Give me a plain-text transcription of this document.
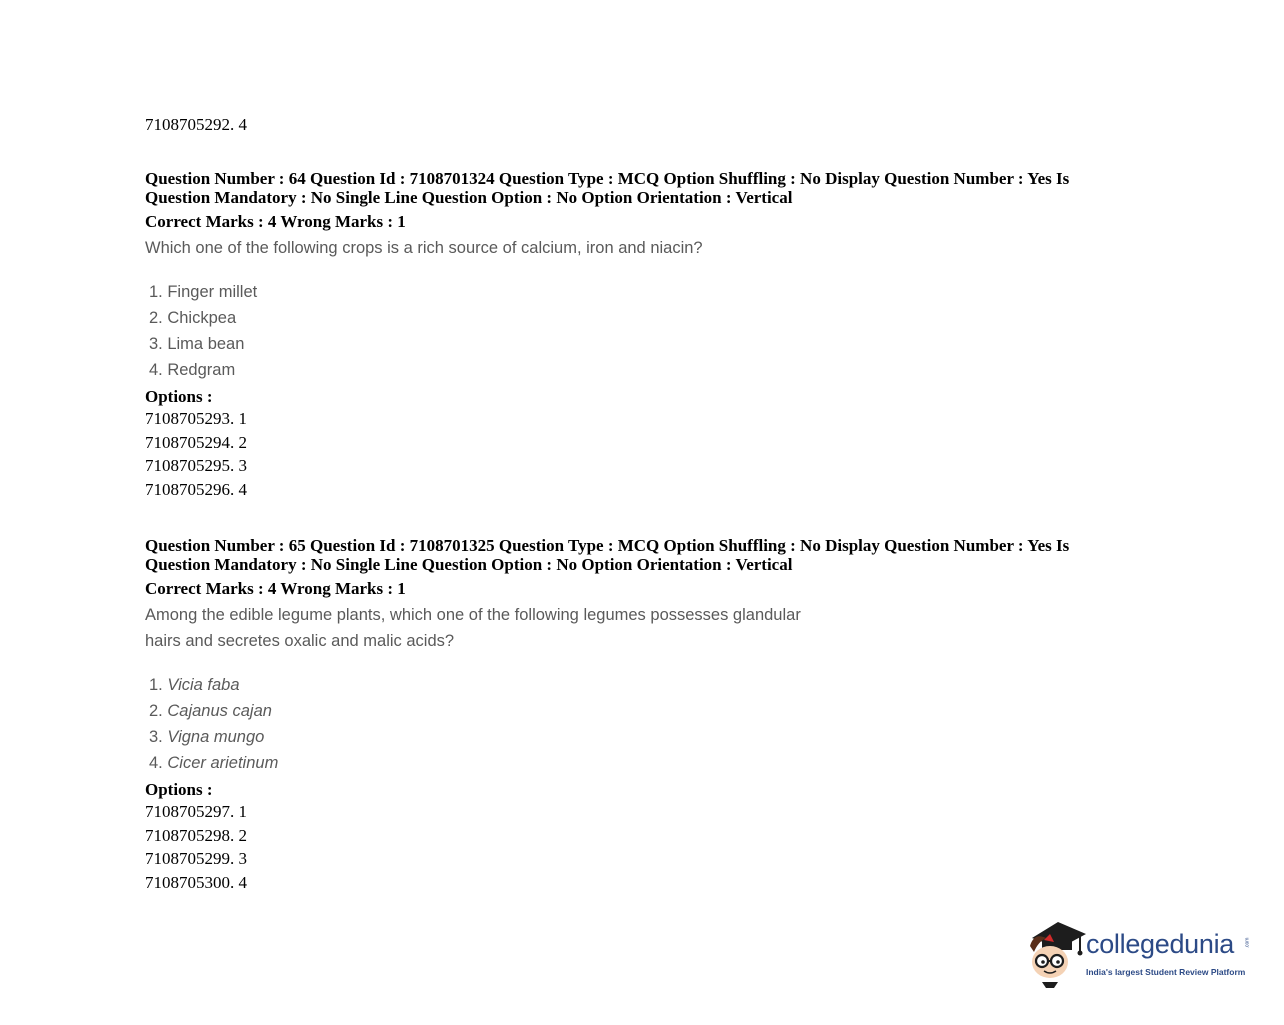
7108705292. 4
Question Number : 64 Question Id : 7108701324 Question Type : MCQ Option Shuffling : No Display Question Number : Yes Is
Question Mandatory : No Single Line Question Option : No Option Orientation : Vertical
Correct Marks : 4 Wrong Marks : 1
Which one of the following crops is a rich source of calcium, iron and niacin?
1. Finger millet
2. Chickpea
3. Lima bean
4. Redgram
Options :
7108705293. 1
7108705294. 2
7108705295. 3
7108705296. 4
Question Number : 65 Question Id : 7108701325 Question Type : MCQ Option Shuffling : No Display Question Number : Yes Is
Question Mandatory : No Single Line Question Option : No Option Orientation : Vertical
Correct Marks : 4 Wrong Marks : 1
Among the edible legume plants, which one of the following legumes possesses glandular
hairs and secretes oxalic and malic acids?
1. Vicia faba
2. Cajanus cajan
3. Vigna mungo
4. Cicer arietinum
Options :
7108705297. 1
7108705298. 2
7108705299. 3
7108705300. 4
collegedunia .com
India's largest Student Review Platform
